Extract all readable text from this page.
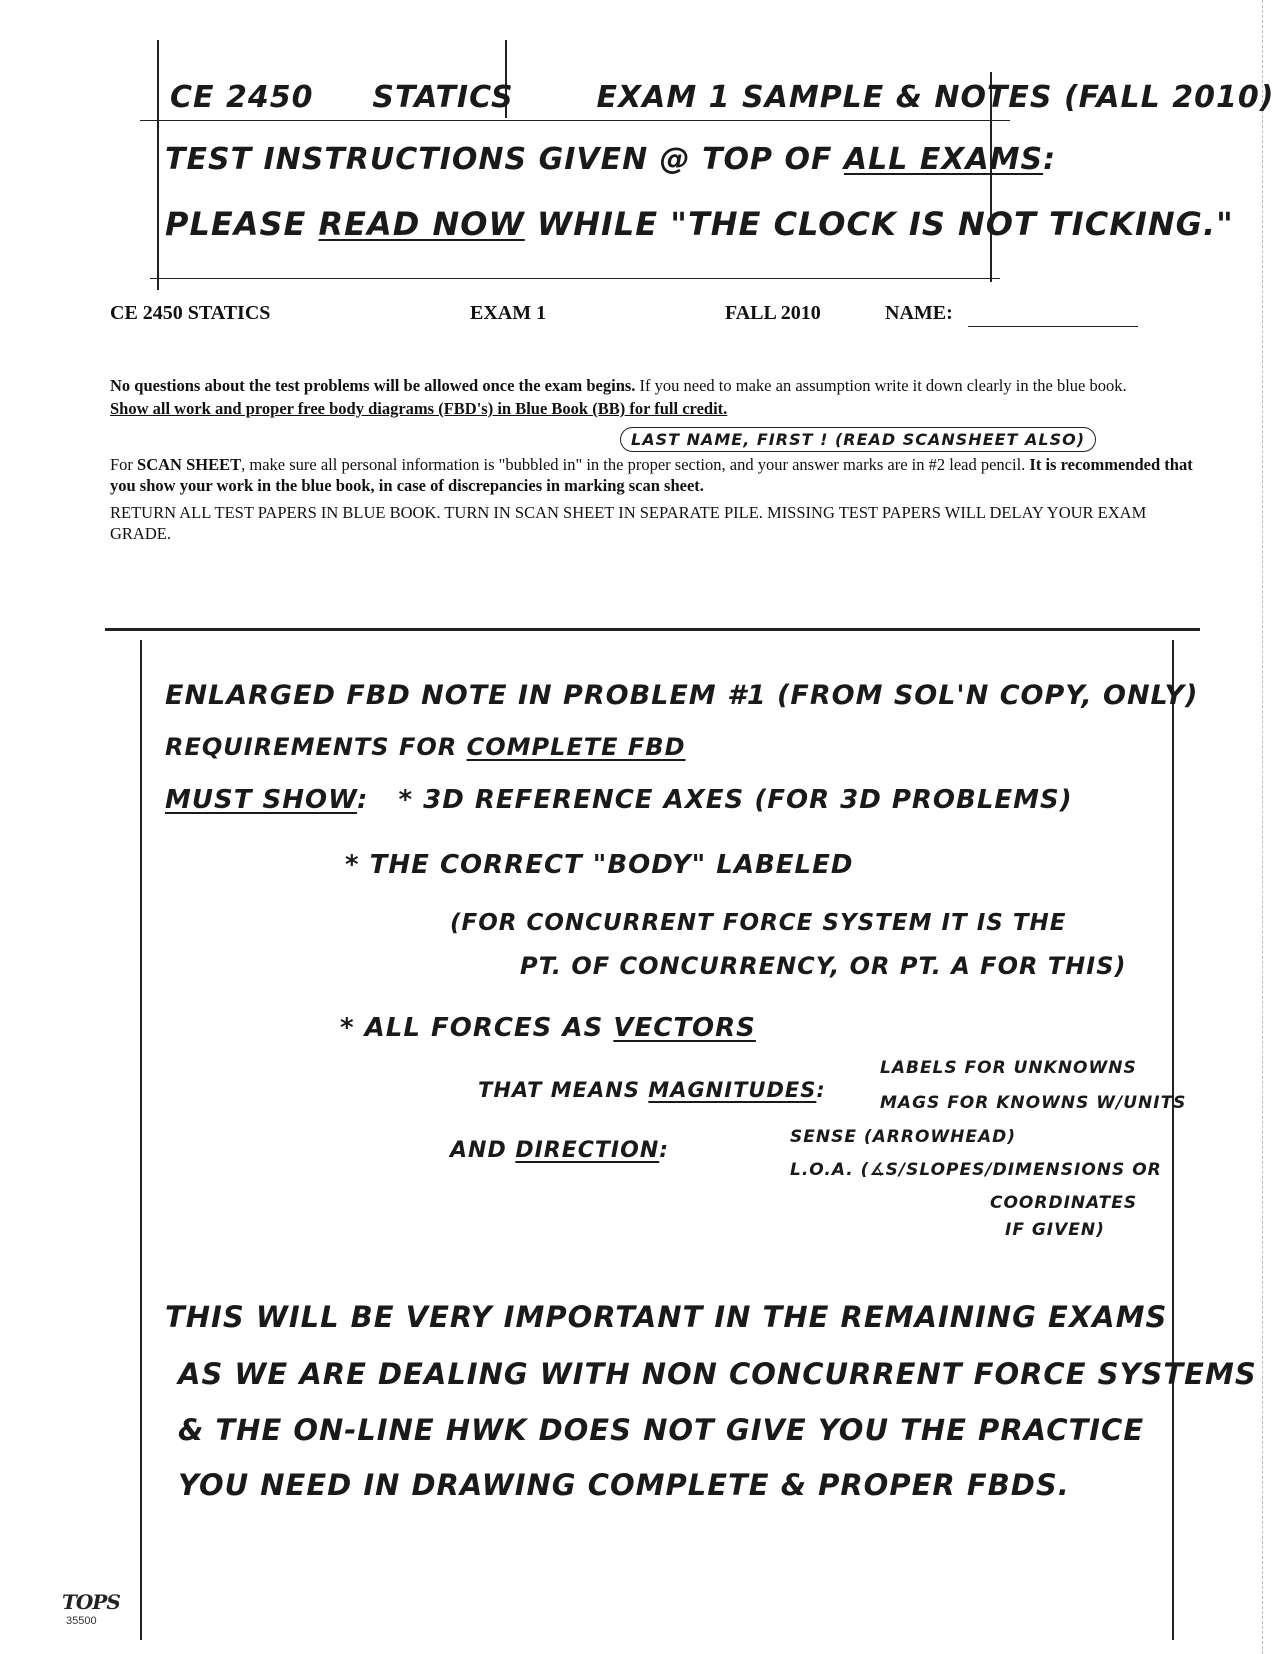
CE 2450 STATICS	EXAM 1 SAMPLE & NOTES (FALL 2010)
TEST INSTRUCTIONS GIVEN @ TOP OF ALL EXAMS:
PLEASE READ NOW WHILE "THE CLOCK IS NOT TICKING."
CE 2450 STATICS	EXAM 1	FALL 2010	NAME:
No questions about the test problems will be allowed once the exam begins. If you need to make an assumption write it down clearly in the blue book.
Show all work and proper free body diagrams (FBD's) in Blue Book (BB) for full credit.
LAST NAME, FIRST ! (READ SCANSHEET ALSO)
For SCAN SHEET, make sure all personal information is "bubbled in" in the proper section, and your answer marks are in #2 lead pencil. It is recommended that you show your work in the blue book, in case of discrepancies in marking scan sheet.
RETURN ALL TEST PAPERS IN BLUE BOOK. TURN IN SCAN SHEET IN SEPARATE PILE. MISSING TEST PAPERS WILL DELAY YOUR EXAM GRADE.
ENLARGED FBD NOTE IN PROBLEM #1 (FROM SOL'N COPY, ONLY)
REQUIREMENTS FOR COMPLETE FBD
MUST SHOW: * 3D REFERENCE AXES (FOR 3D PROBLEMS)
* THE CORRECT "BODY" LABELED
(FOR CONCURRENT FORCE SYSTEM IT IS THE
PT. OF CONCURRENCY, OR PT. A FOR THIS)
* ALL FORCES AS VECTORS
THAT MEANS MAGNITUDES:
LABELS FOR UNKNOWNS
MAGS FOR KNOWNS W/UNITS
AND DIRECTION:
SENSE (ARROWHEAD)
L.O.A. (∡S/SLOPES/DIMENSIONS OR
COORDINATES
IF GIVEN)
THIS WILL BE VERY IMPORTANT IN THE REMAINING EXAMS
AS WE ARE DEALING WITH NON CONCURRENT FORCE SYSTEMS
& THE ON-LINE HWK DOES NOT GIVE YOU THE PRACTICE
YOU NEED IN DRAWING COMPLETE & PROPER FBDS.
TOPS
35500
